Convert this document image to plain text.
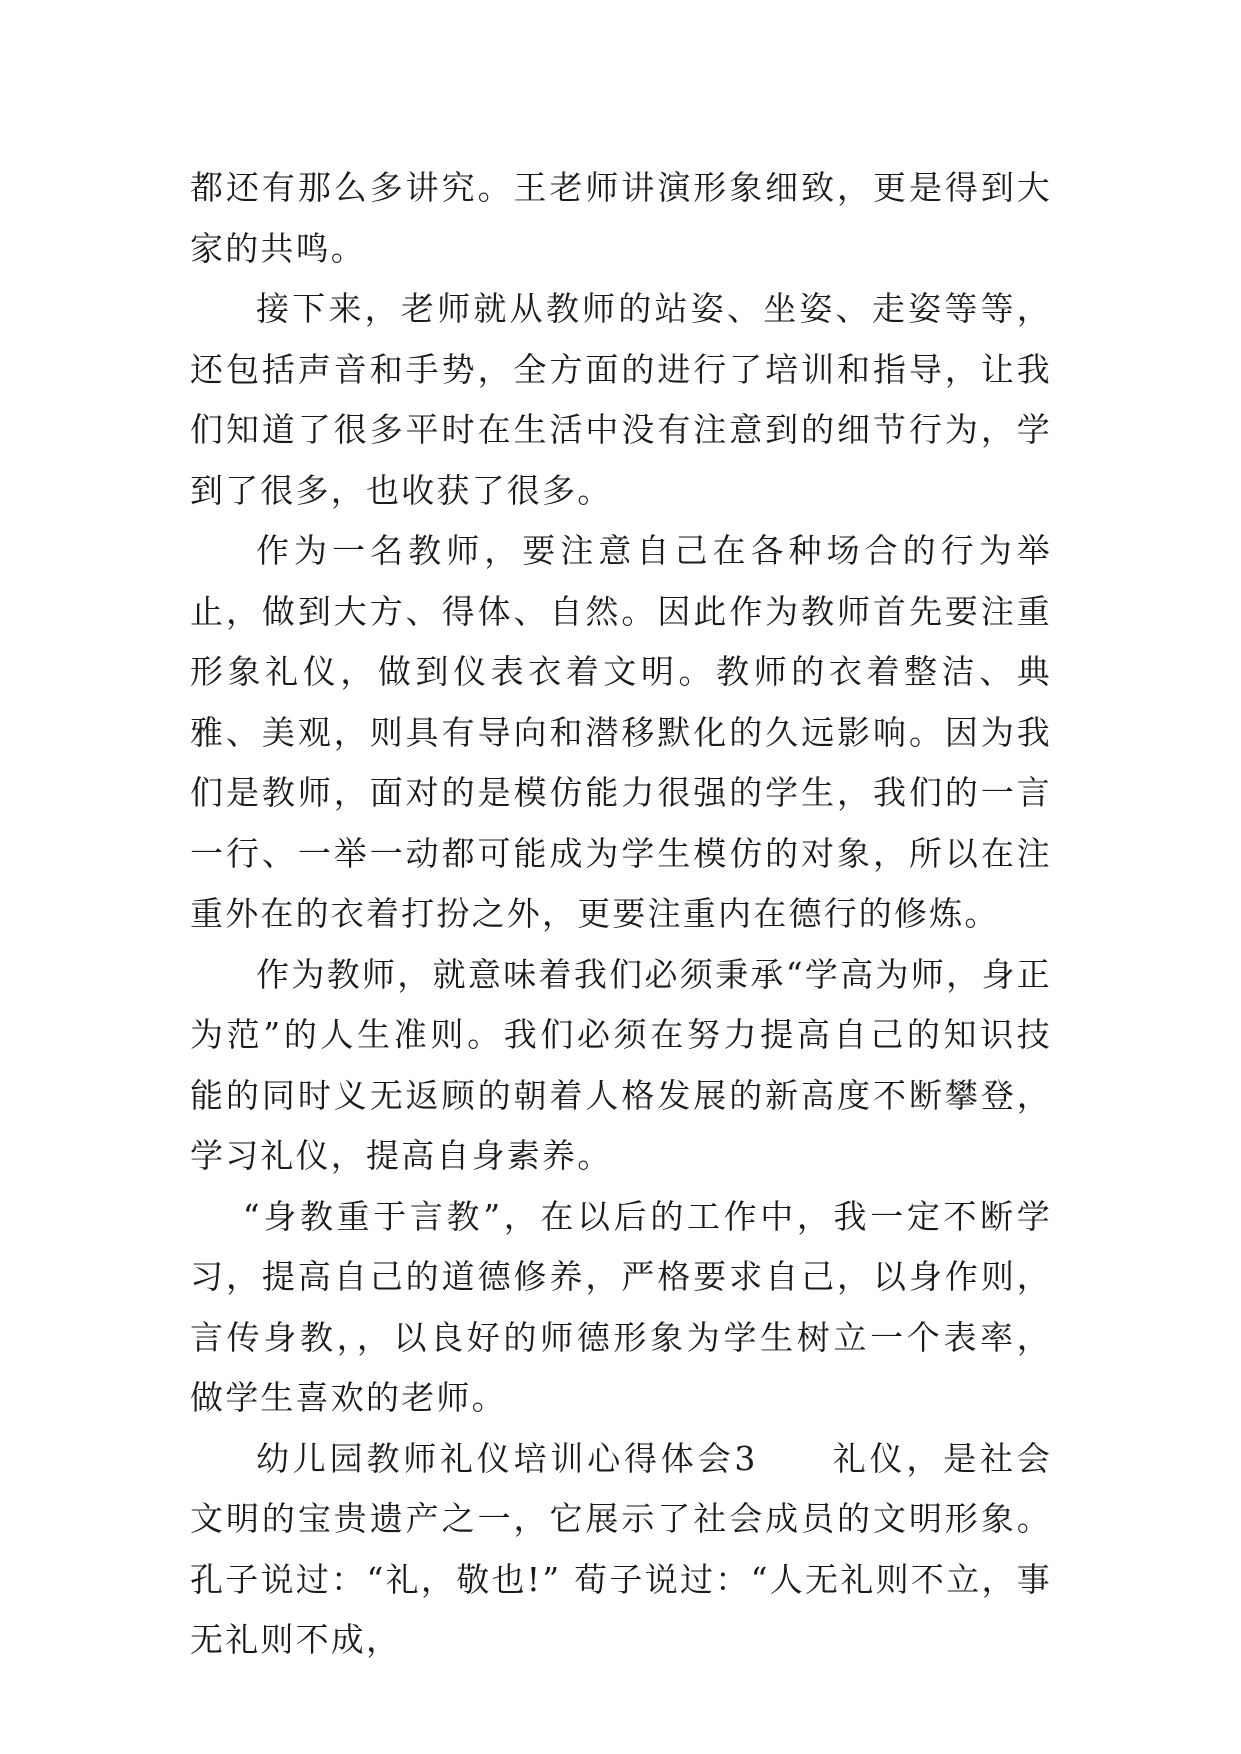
都还有那么多讲究。王老师讲演形象细致，更是得到大家的共鸣。

接下来，老师就从教师的站姿、坐姿、走姿等等，还包括声音和手势，全方面的进行了培训和指导，让我们知道了很多平时在生活中没有注意到的细节行为，学到了很多，也收获了很多。

作为一名教师，要注意自己在各种场合的行为举止，做到大方、得体、自然。因此作为教师首先要注重形象礼仪，做到仪表衣着文明。教师的衣着整洁、典雅、美观，则具有导向和潜移默化的久远影响。因为我们是教师，面对的是模仿能力很强的学生，我们的一言一行、一举一动都可能成为学生模仿的对象，所以在注重外在的衣着打扮之外，更要注重内在德行的修炼。

作为教师，就意味着我们必须秉承“学高为师，身正为范”的人生准则。我们必须在努力提高自己的知识技能的同时义无返顾的朝着人格发展的新高度不断攀登，学习礼仪，提高自身素养。

“身教重于言教”，在以后的工作中，我一定不断学习，提高自己的道德修养，严格要求自己，以身作则，言传身教，，以良好的师德形象为学生树立一个表率，做学生喜欢的老师。

幼儿园教师礼仪培训心得体会3　　礼仪，是社会文明的宝贵遗产之一，它展示了社会成员的文明形象。孔子说过：“礼，敬也!” 荀子说过：“人无礼则不立，事无礼则不成，
